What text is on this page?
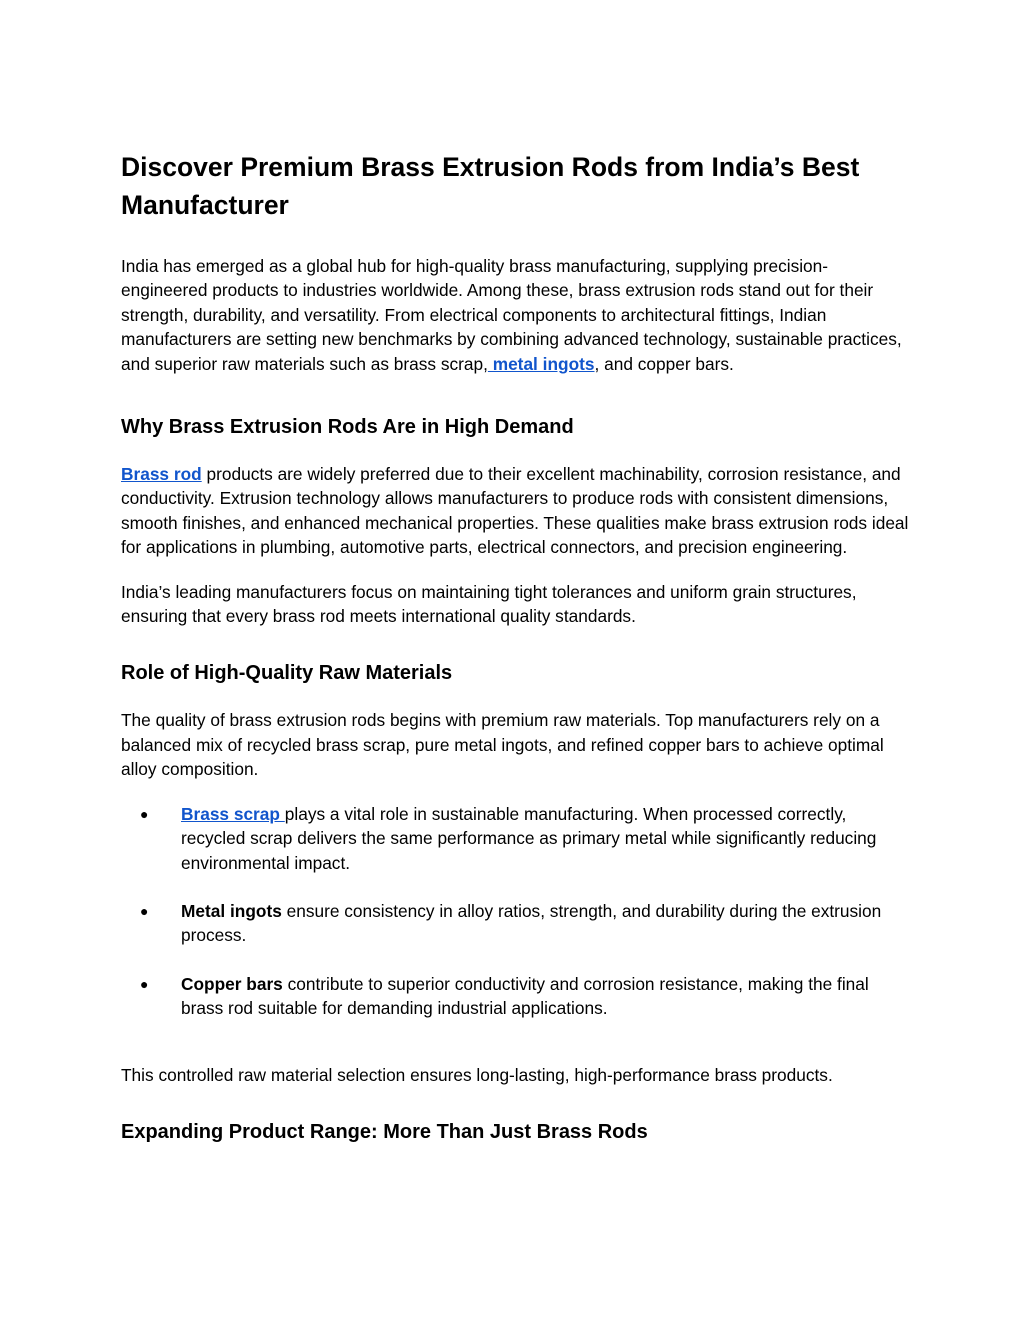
Discover Premium Brass Extrusion Rods from India’s Best Manufacturer

India has emerged as a global hub for high-quality brass manufacturing, supplying precision-engineered products to industries worldwide. Among these, brass extrusion rods stand out for their strength, durability, and versatility. From electrical components to architectural fittings, Indian manufacturers are setting new benchmarks by combining advanced technology, sustainable practices, and superior raw materials such as brass scrap, metal ingots, and copper bars.

Why Brass Extrusion Rods Are in High Demand

Brass rod products are widely preferred due to their excellent machinability, corrosion resistance, and conductivity. Extrusion technology allows manufacturers to produce rods with consistent dimensions, smooth finishes, and enhanced mechanical properties. These qualities make brass extrusion rods ideal for applications in plumbing, automotive parts, electrical connectors, and precision engineering.

India’s leading manufacturers focus on maintaining tight tolerances and uniform grain structures, ensuring that every brass rod meets international quality standards.

Role of High-Quality Raw Materials

The quality of brass extrusion rods begins with premium raw materials. Top manufacturers rely on a balanced mix of recycled brass scrap, pure metal ingots, and refined copper bars to achieve optimal alloy composition.

● Brass scrap plays a vital role in sustainable manufacturing. When processed correctly, recycled scrap delivers the same performance as primary metal while significantly reducing environmental impact.
● Metal ingots ensure consistency in alloy ratios, strength, and durability during the extrusion process.
● Copper bars contribute to superior conductivity and corrosion resistance, making the final brass rod suitable for demanding industrial applications.

This controlled raw material selection ensures long-lasting, high-performance brass products.

Expanding Product Range: More Than Just Brass Rods
